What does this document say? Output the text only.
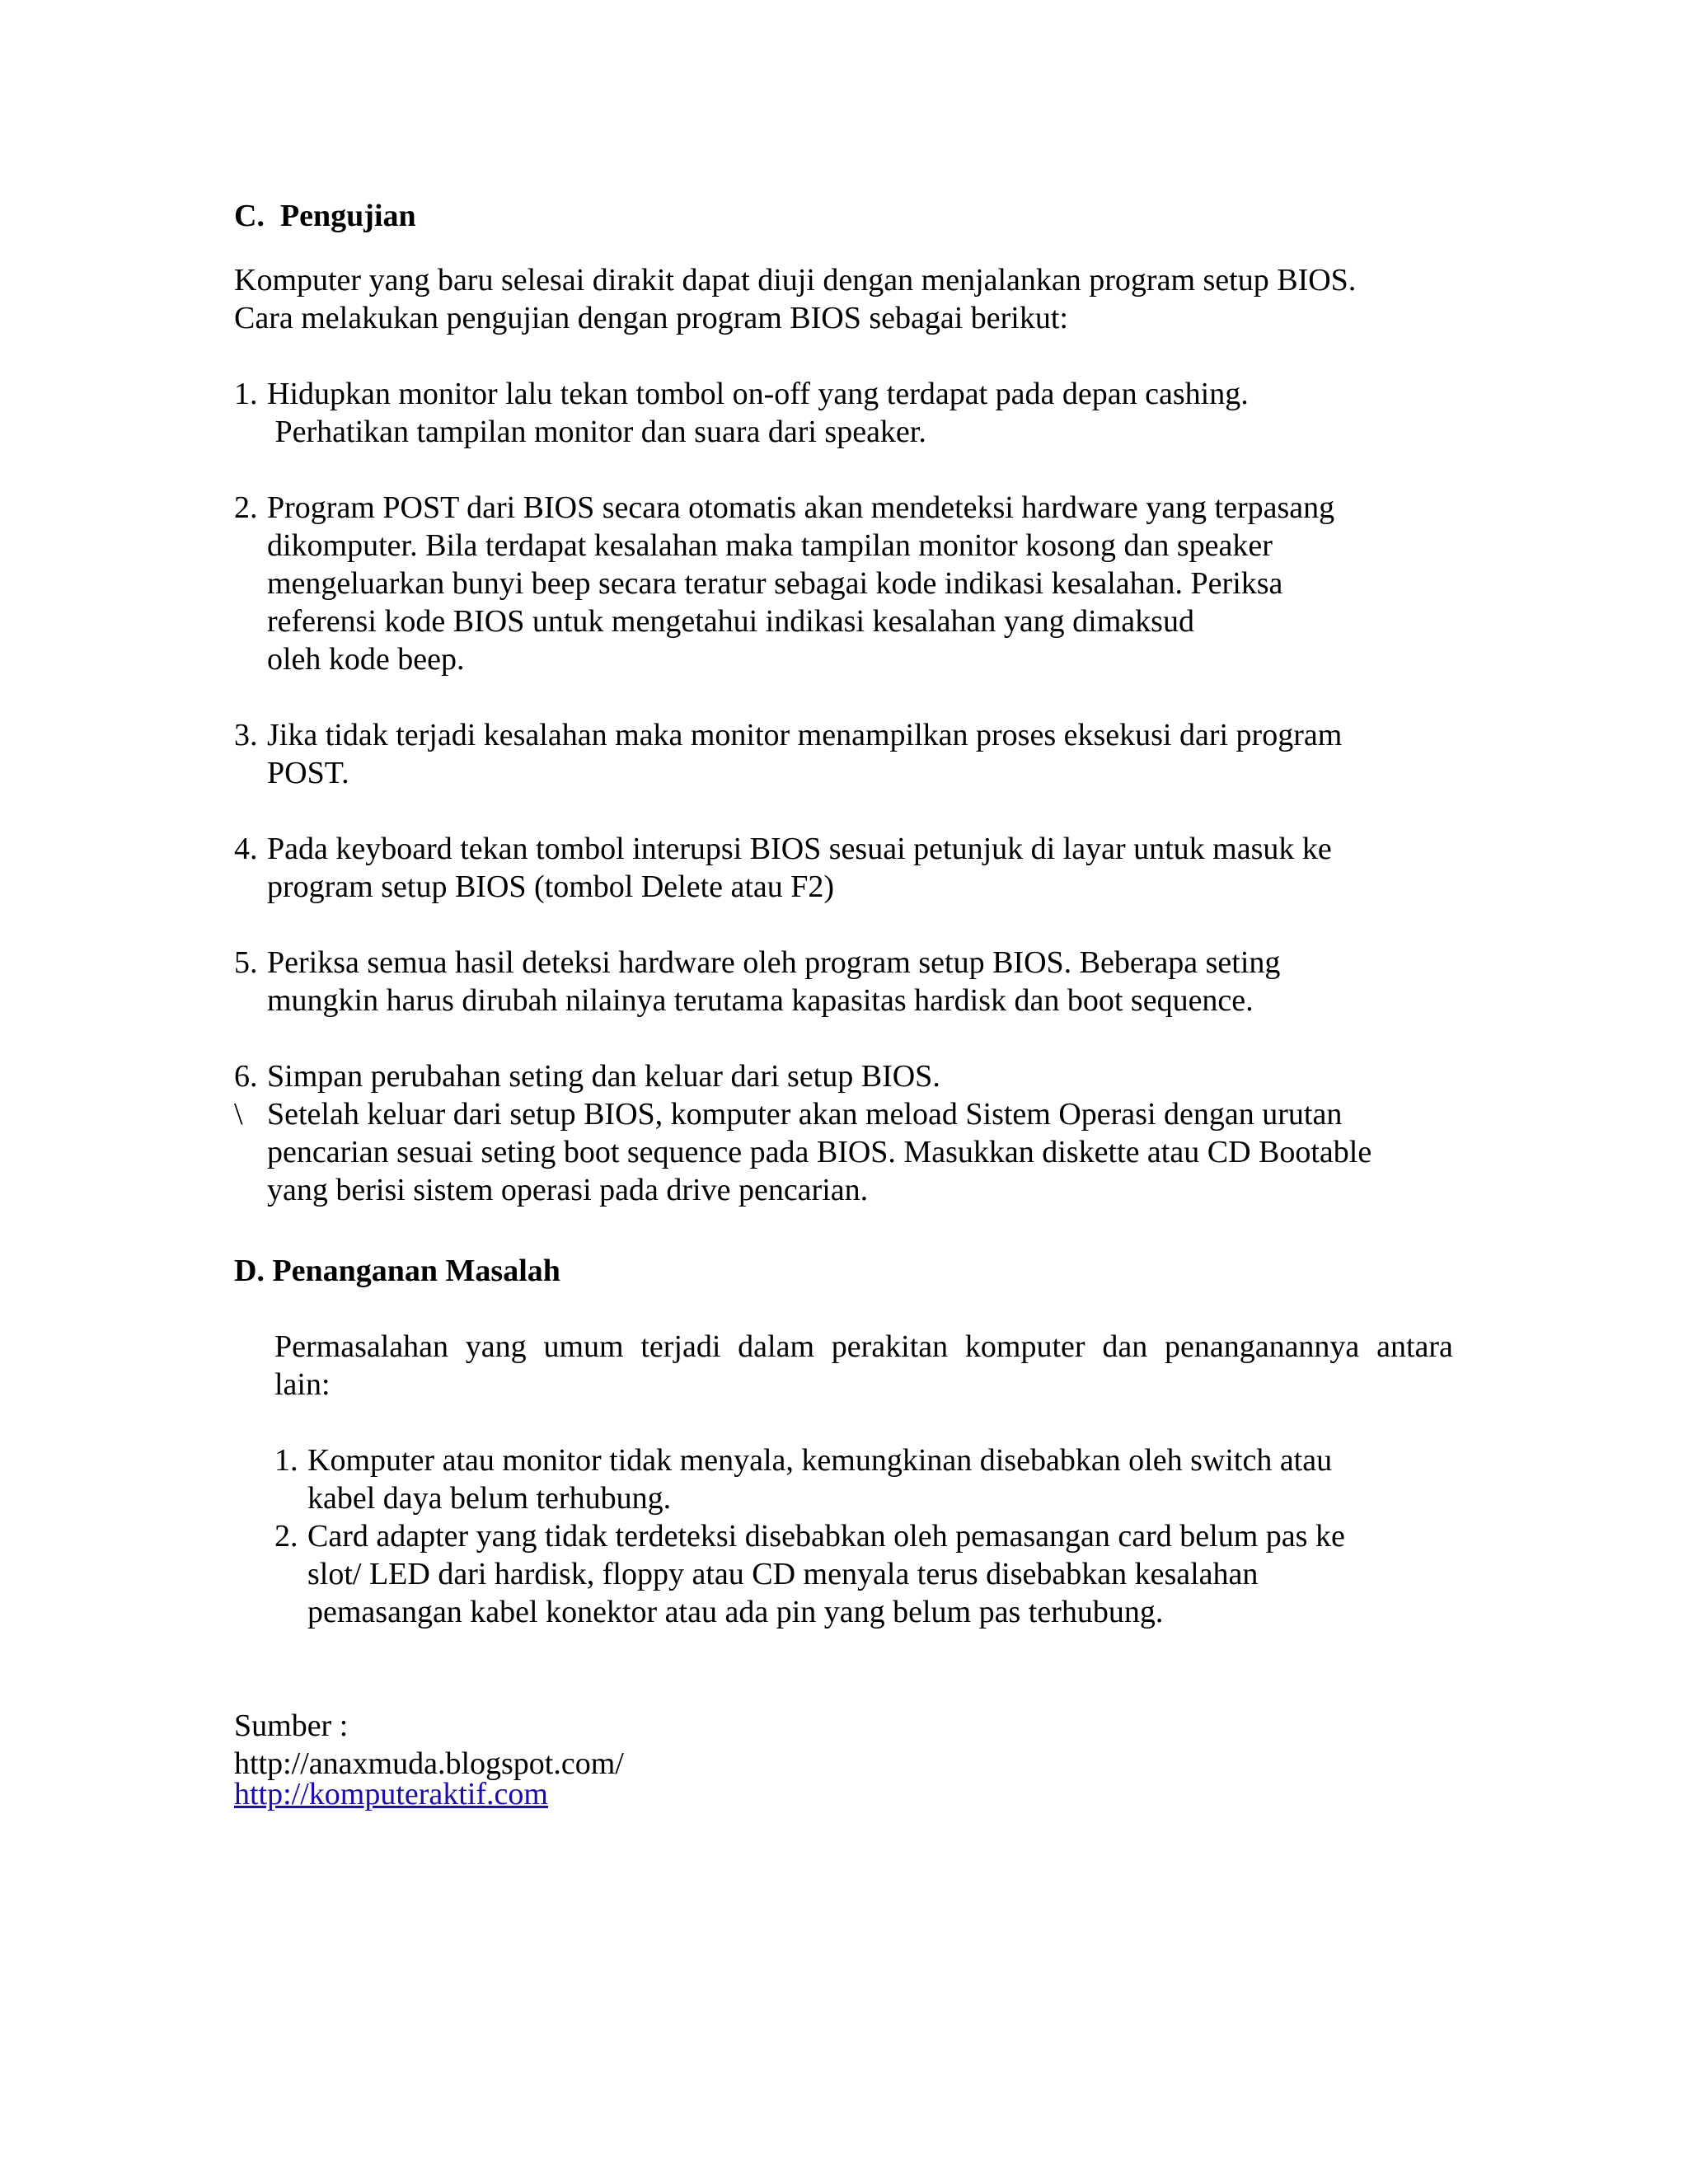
C.  Pengujian
Komputer yang baru selesai dirakit dapat diuji dengan menjalankan program setup BIOS.
Cara melakukan pengujian dengan program BIOS sebagai berikut:
1. Hidupkan monitor lalu tekan tombol on-off yang terdapat pada depan cashing.
Perhatikan tampilan monitor dan suara dari speaker.
2. Program POST dari BIOS secara otomatis akan mendeteksi hardware yang terpasang
dikomputer. Bila terdapat kesalahan maka tampilan monitor kosong dan speaker
mengeluarkan bunyi beep secara teratur sebagai kode indikasi kesalahan. Periksa
referensi kode BIOS untuk mengetahui indikasi kesalahan yang dimaksud
oleh kode beep.
3. Jika tidak terjadi kesalahan maka monitor menampilkan proses eksekusi dari program
POST.
4. Pada keyboard tekan tombol interupsi BIOS sesuai petunjuk di layar untuk masuk ke
program setup BIOS (tombol Delete atau F2)
5. Periksa semua hasil deteksi hardware oleh program setup BIOS. Beberapa seting
mungkin harus dirubah nilainya terutama kapasitas hardisk dan boot sequence.
6. Simpan perubahan seting dan keluar dari setup BIOS.
\ Setelah keluar dari setup BIOS, komputer akan meload Sistem Operasi dengan urutan
pencarian sesuai seting boot sequence pada BIOS. Masukkan diskette atau CD Bootable
yang berisi sistem operasi pada drive pencarian.
D. Penanganan Masalah
Permasalahan yang umum terjadi dalam perakitan komputer dan penanganannya antara
lain:
1. Komputer atau monitor tidak menyala, kemungkinan disebabkan oleh switch atau
kabel daya belum terhubung.
2. Card adapter yang tidak terdeteksi disebabkan oleh pemasangan card belum pas ke
slot/ LED dari hardisk, floppy atau CD menyala terus disebabkan kesalahan
pemasangan kabel konektor atau ada pin yang belum pas terhubung.
Sumber :
http://anaxmuda.blogspot.com/
http://komputeraktif.com
